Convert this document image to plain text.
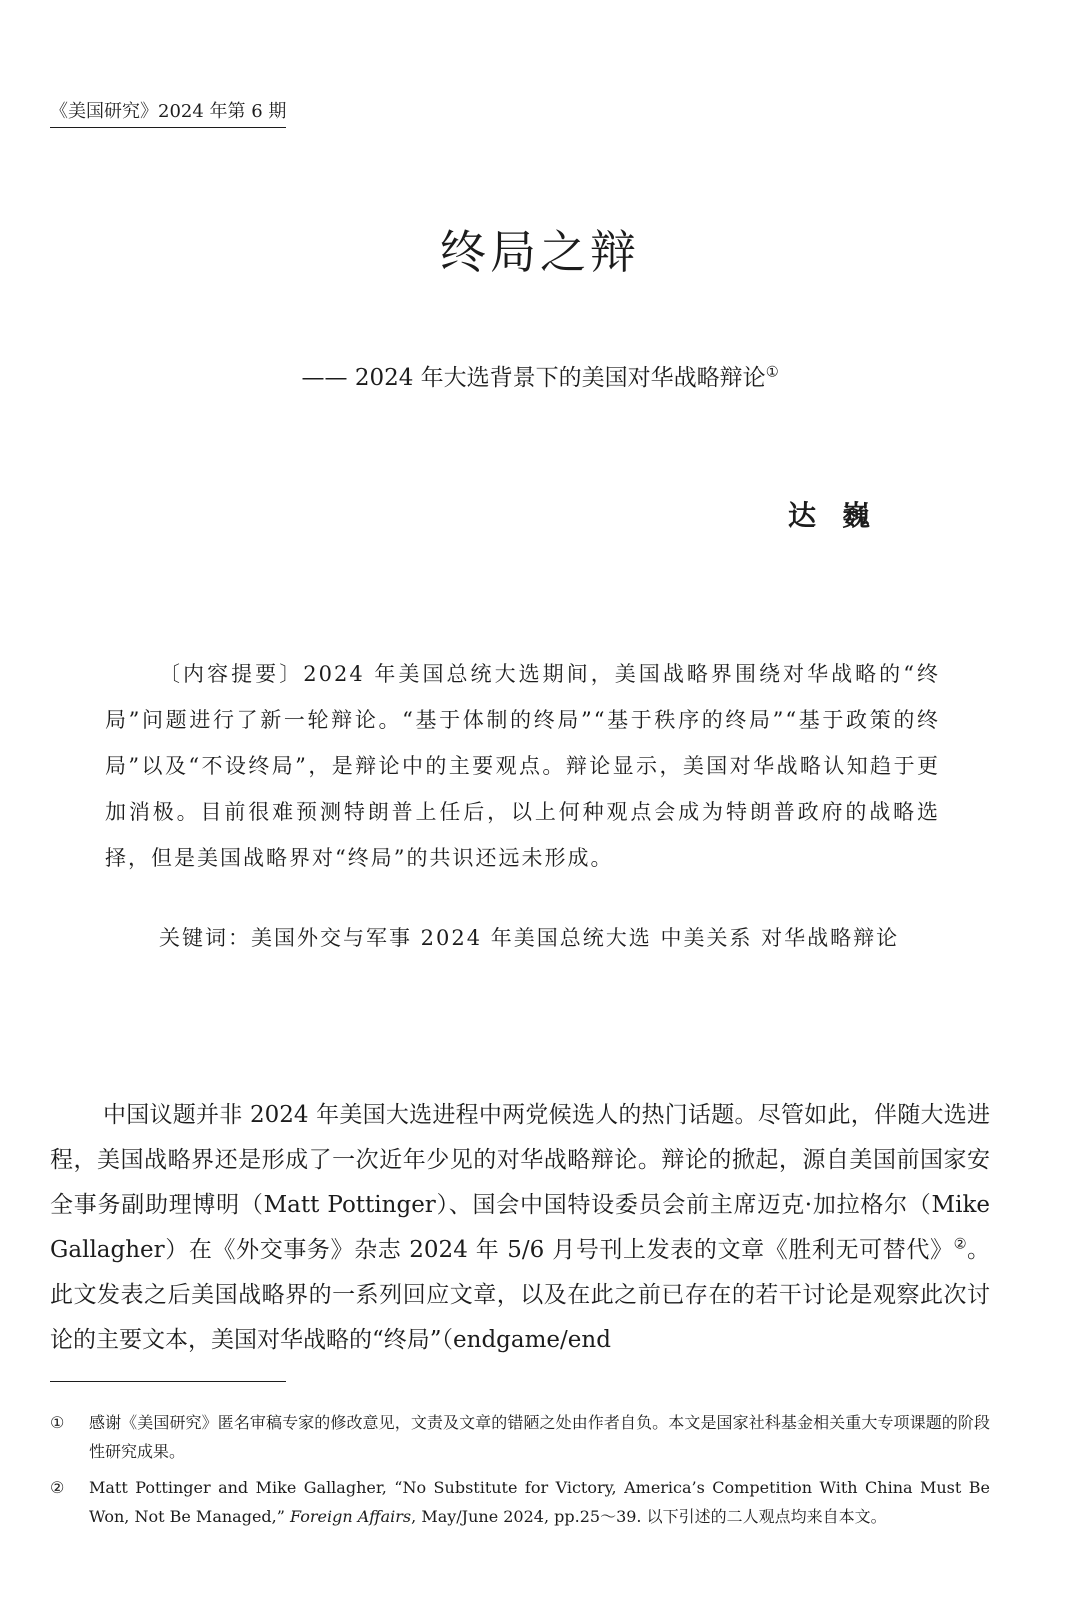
《美国研究》2024 年第 6 期
终局之辩
—— 2024 年大选背景下的美国对华战略辩论①
达巍

〔内容提要〕2024 年美国总统大选期间，美国战略界围绕对华战略的“终局”问题进行了新一轮辩论。“基于体制的终局”“基于秩序的终局”“基于政策的终局”以及“不设终局”，是辩论中的主要观点。辩论显示，美国对华战略认知趋于更加消极。目前很难预测特朗普上任后，以上何种观点会成为特朗普政府的战略选择，但是美国战略界对“终局”的共识还远未形成。

关键词：美国外交与军事 2024 年美国总统大选 中美关系 对华战略辩论

中国议题并非 2024 年美国大选进程中两党候选人的热门话题。尽管如此，伴随大选进程，美国战略界还是形成了一次近年少见的对华战略辩论。辩论的掀起，源自美国前国家安全事务副助理博明（Matt Pottinger）、国会中国特设委员会前主席迈克·加拉格尔（Mike Gallagher）在《外交事务》杂志 2024 年 5/6 月号刊上发表的文章《胜利无可替代》②。此文发表之后美国战略界的一系列回应文章，以及在此之前已存在的若干讨论是观察此次讨论的主要文本，美国对华战略的“终局”（endgame/end

① 感谢《美国研究》匿名审稿专家的修改意见，文责及文章的错陋之处由作者自负。本文是国家社科基金相关重大专项课题的阶段性研究成果。

② Matt Pottinger and Mike Gallagher, “No Substitute for Victory, America’s Competition With China Must Be Won, Not Be Managed,” Foreign Affairs, May/June 2024, pp.25～39. 以下引述的二人观点均来自本文。
